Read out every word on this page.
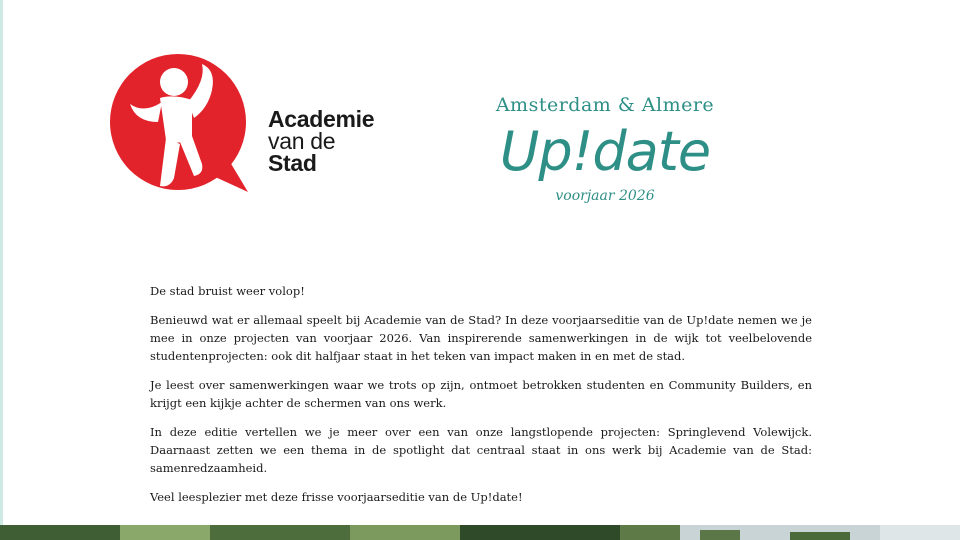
Academie
van de
Stad
Amsterdam & Almere
Up!date
voorjaar 2026

De stad bruist weer volop!

Benieuwd wat er allemaal speelt bij Academie van de Stad? In deze voorjaarseditie van de Up!date nemen we je mee in onze projecten van voorjaar 2026. Van inspirerende samenwerkingen in de wijk tot veelbelovende studentenprojecten: ook dit halfjaar staat in het teken van impact maken in en met de stad.

Je leest over samenwerkingen waar we trots op zijn, ontmoet betrokken studenten en Community Builders, en krijgt een kijkje achter de schermen van ons werk.

In deze editie vertellen we je meer over een van onze langstlopende projecten: Springlevend Volewijck. Daarnaast zetten we een thema in de spotlight dat centraal staat in ons werk bij Academie van de Stad: samenredzaamheid.

Veel leesplezier met deze frisse voorjaarseditie van de Up!date!
